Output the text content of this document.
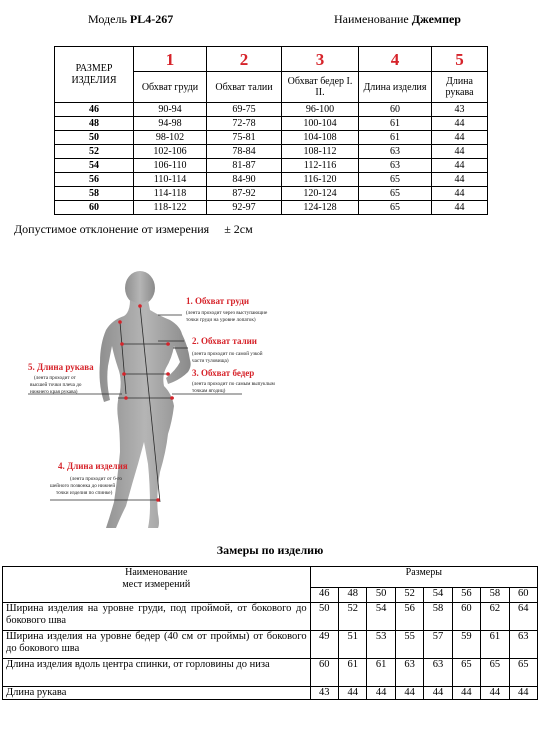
Модель PL4-267	Наименование Джемпер
РАЗМЕР
ИЗДЕЛИЯ	1	2	3	4	5
	Обхват груди	Обхват талии	Обхват бедер I. II.	Длина изделия	Длина рукава
46	90-94	69-75	96-100	60	43
48	94-98	72-78	100-104	61	44
50	98-102	75-81	104-108	61	44
52	102-106	78-84	108-112	63	44
54	106-110	81-87	112-116	63	44
56	110-114	84-90	116-120	65	44
58	114-118	87-92	120-124	65	44
60	118-122	92-97	124-128	65	44
Допустимое отклонение от измерения ± 2см
1. Обхват груди
(лента проходит через выступающие
точки груди на уровне лопаток)
2. Обхват талии
(лента проходит по самой узкой
части туловища)
3. Обхват бедер
(лента проходит по самым выпуклым
точкам ягодиц)
5. Длина рукава
(лента проходит от
высшей точки плеча до
нижнего края рукава)
4. Длина изделия
(лента проходит от 6-го
шейного позвонка до нижней
точки изделия по спинке)
Замеры по изделию
Наименование
мест измерений	Размеры							
	46	48	50	52	54	56	58	60
Ширина изделия на уровне груди, под проймой, от бокового до бокового шва	50	52	54	56	58	60	62	64
Ширина изделия на уровне бедер (40 см от проймы) от бокового до бокового шва	49	51	53	55	57	59	61	63
Длина изделия вдоль центра спинки, от горловины до низа	60	61	61	63	63	65	65	65
Длина рукава	43	44	44	44	44	44	44	44
